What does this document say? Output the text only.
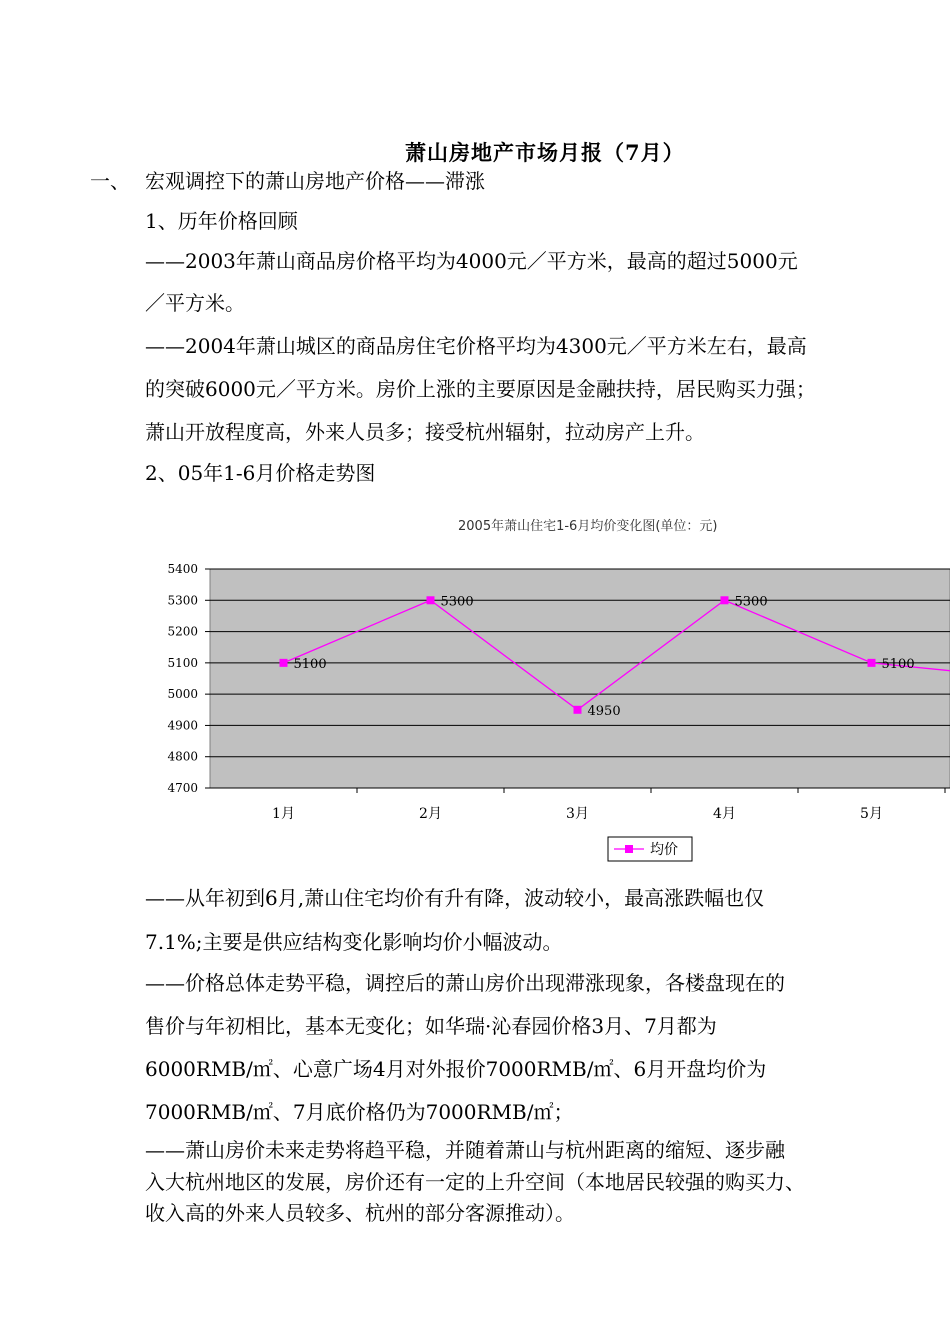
萧山房地产市场月报（7月）
一、 宏观调控下的萧山房地产价格——滞涨
1、历年价格回顾
——2003年萧山商品房价格平均为4000元／平方米，最高的超过5000元
／平方米。
——2004年萧山城区的商品房住宅价格平均为4300元／平方米左右，最高
的突破6000元／平方米。房价上涨的主要原因是金融扶持，居民购买力强；
萧山开放程度高，外来人员多；接受杭州辐射，拉动房产上升。
2、05年1-6月价格走势图
2005年萧山住宅1-6月均价变化图(单位：元)
4700
4800
4900
5000
5100
5200
5300
5400
1月	2月	3月	4月	5月
5100
5300
4950
5300
5100
均价
——从年初到6月,萧山住宅均价有升有降，波动较小，最高涨跌幅也仅
7.1%;主要是供应结构变化影响均价小幅波动。
——价格总体走势平稳，调控后的萧山房价出现滞涨现象，各楼盘现在的
售价与年初相比，基本无变化；如华瑞·沁春园价格3月、7月都为
6000RMB/㎡、心意广场4月对外报价7000RMB/㎡、6月开盘均价为
7000RMB/㎡、7月底价格仍为7000RMB/㎡；
——萧山房价未来走势将趋平稳，并随着萧山与杭州距离的缩短、逐步融
入大杭州地区的发展，房价还有一定的上升空间（本地居民较强的购买力、
收入高的外来人员较多、杭州的部分客源推动）。
